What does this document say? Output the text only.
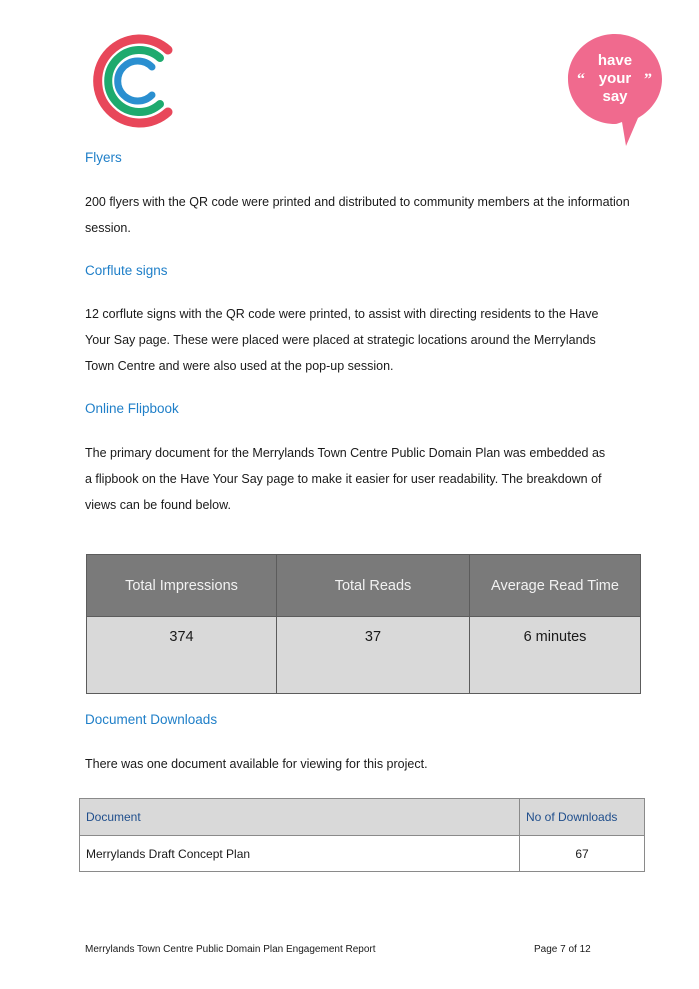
“	”
have
your
say
Flyers

200 flyers with the QR code were printed and distributed to community members at the information session.

Corflute signs

12 corflute signs with the QR code were printed, to assist with directing residents to the Have Your Say page. These were placed were placed at strategic locations around the Merrylands Town Centre and were also used at the pop-up session.

Online Flipbook

The primary document for the Merrylands Town Centre Public Domain Plan was embedded as a flipbook on the Have Your Say page to make it easier for user readability. The breakdown of views can be found below.

Total Impressions	Total Reads	Average Read Time
374	37	6 minutes
Document Downloads

There was one document available for viewing for this project.

Document	No of Downloads
Merrylands Draft Concept Plan	67
Merrylands Town Centre Public Domain Plan Engagement Report	Page 7 of 12
